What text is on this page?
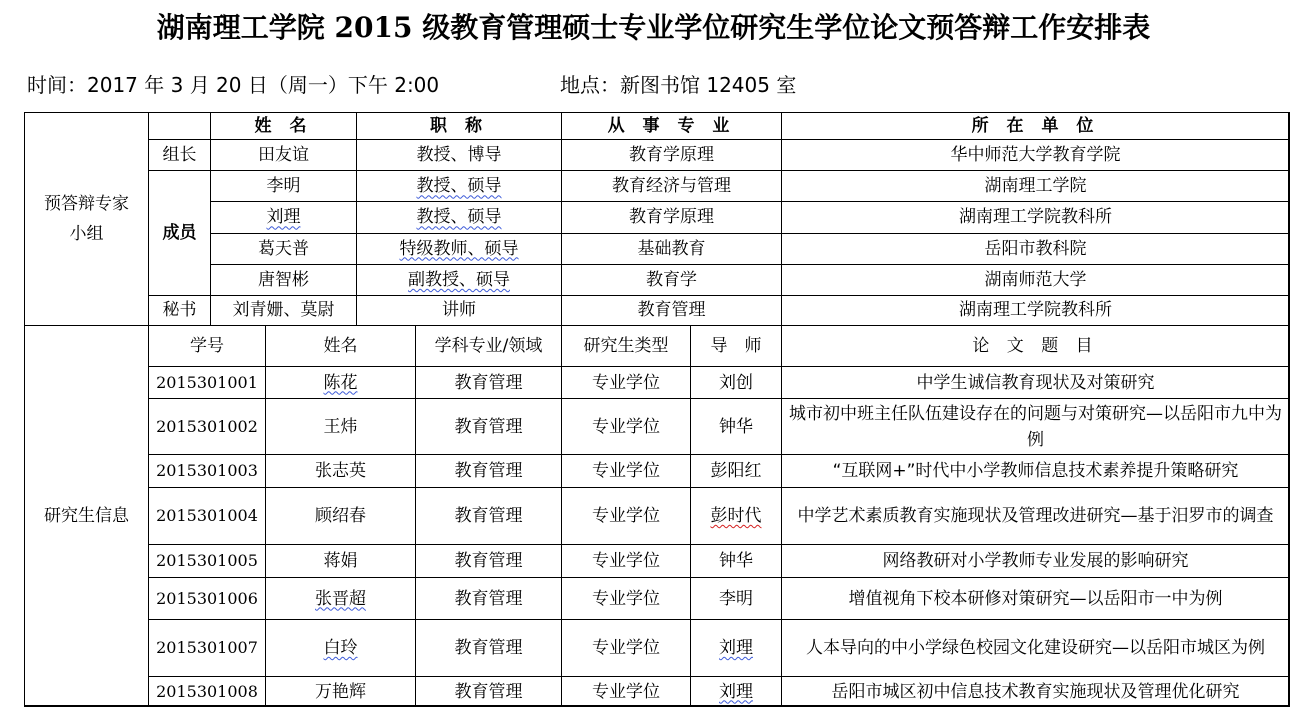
湖南理工学院 2015 级教育管理硕士专业学位研究生学位论文预答辩工作安排表
时间：2017 年 3 月 20 日（周一）下午 2:00	地点：新图书馆 12405 室
预答辩专家小组		姓 名	职 称	从 事 专 业	所 在 单 位
	组长	田友谊	教授、博导	教育学原理	华中师范大学教育学院
	成员	李明	教授、硕导	教育经济与管理	湖南理工学院
		刘理	教授、硕导	教育学原理	湖南理工学院教科所
		葛天普	特级教师、硕导	基础教育	岳阳市教科院
		唐智彬	副教授、硕导	教育学	湖南师范大学
	秘书	刘青姗、莫尉	讲师	教育管理	湖南理工学院教科所
研究生信息	学号	姓名	学科专业/领域	研究生类型	导　师	论 文 题 目
	2015301001	陈花	教育管理	专业学位	刘创	中学生诚信教育现状及对策研究
	2015301002	王炜	教育管理	专业学位	钟华	城市初中班主任队伍建设存在的问题与对策研究—以岳阳市九中为例
	2015301003	张志英	教育管理	专业学位	彭阳红	“互联网+”时代中小学教师信息技术素养提升策略研究
	2015301004	顾绍春	教育管理	专业学位	彭时代	中学艺术素质教育实施现状及管理改进研究—基于汨罗市的调查
	2015301005	蒋娟	教育管理	专业学位	钟华	网络教研对小学教师专业发展的影响研究
	2015301006	张晋超	教育管理	专业学位	李明	增值视角下校本研修对策研究—以岳阳市一中为例
	2015301007	白玲	教育管理	专业学位	刘理	人本导向的中小学绿色校园文化建设研究—以岳阳市城区为例
	2015301008	万艳辉	教育管理	专业学位	刘理	岳阳市城区初中信息技术教育实施现状及管理优化研究
